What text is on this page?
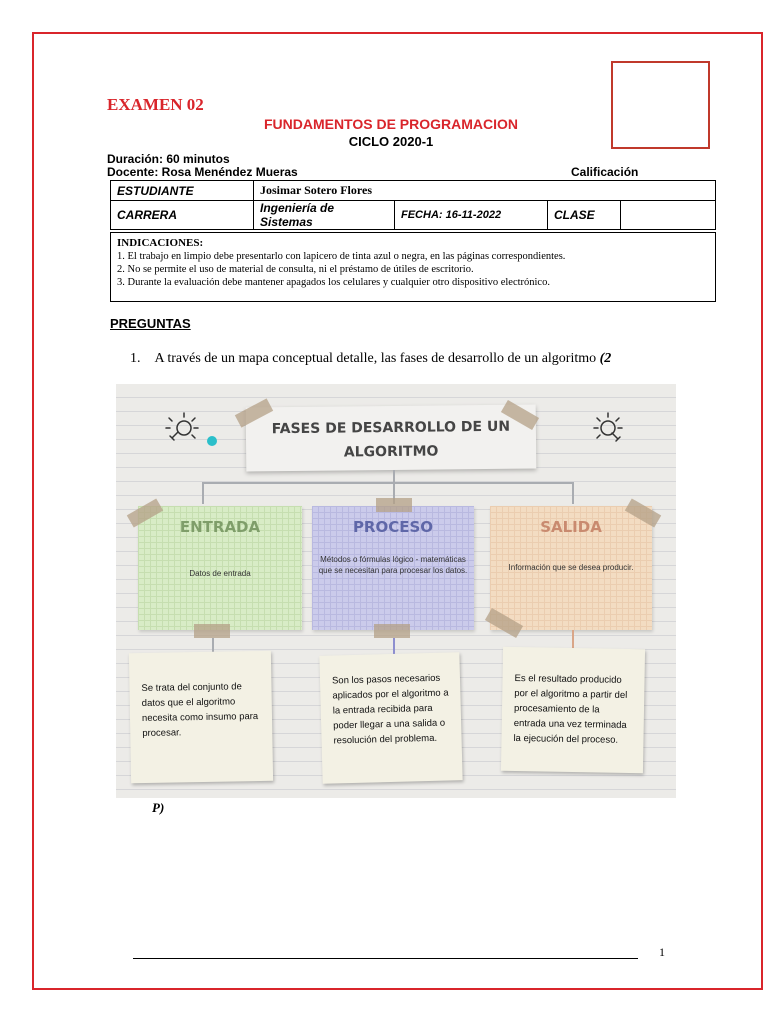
EXAMEN 02
FUNDAMENTOS DE PROGRAMACION
CICLO 2020-1
Duración: 60 minutos
Docente: Rosa Menéndez Mueras	Calificación
ESTUDIANTE	Josimar Sotero Flores			
CARRERA	Ingeniería de Sistemas	FECHA: 16-11-2022	CLASE	
INDICACIONES:
1. El trabajo en limpio debe presentarlo con lapicero de tinta azul o negra, en las páginas correspondientes.
2. No se permite el uso de material de consulta, ni el préstamo de útiles de escritorio.
3. Durante la evaluación debe mantener apagados los celulares y cualquier otro dispositivo electrónico.
PREGUNTAS
1. A través de un mapa conceptual detalle, las fases de desarrollo de un algoritmo (2
FASES DE DESARROLLO DE UN
ALGORITMO
ENTRADA
Datos de entrada
PROCESO
Métodos o fórmulas lógico - matemáticas que se necesitan para procesar los datos.
SALIDA
Información que se desea producir.
Se trata del conjunto de datos que el algoritmo necesita como insumo para procesar.
Son los pasos necesarios aplicados por el algoritmo a la entrada recibida para poder llegar a una salida o resolución del problema.
Es el resultado producido por el algoritmo a partir del procesamiento de la entrada una vez terminada la ejecución del proceso.
P)
1
